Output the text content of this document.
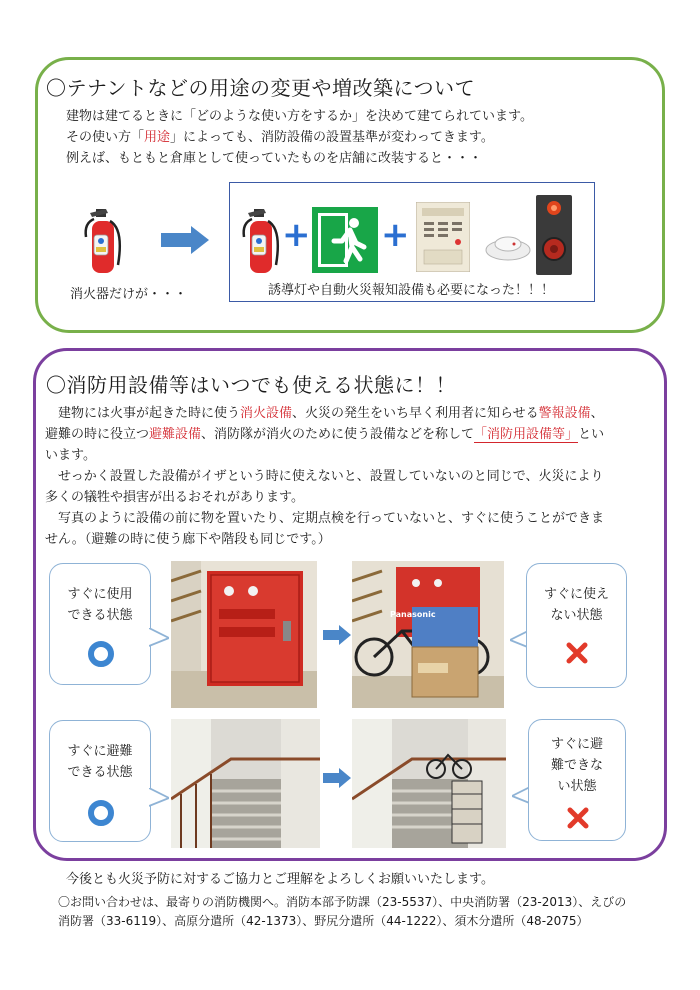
〇テナントなどの用途の変更や増改築について
建物は建てるときに「どのような使い方をするか」を決めて建てられています。
その使い方「用途」によっても、消防設備の設置基準が変わってきます。
例えば、もともと倉庫として使っていたものを店舗に改装すると・・・
消火器だけが・・・
+ +
誘導灯や自動火災報知設備も必要になった！！！
〇消防用設備等はいつでも使える状態に！！
建物には火事が起きた時に使う消火設備、火災の発生をいち早く利用者に知らせる警報設備、
避難の時に役立つ避難設備、消防隊が消火のために使う設備などを称して「消防用設備等」とい
います。
せっかく設置した設備がイザという時に使えないと、設置していないのと同じで、火災により
多くの犠牲や損害が出るおそれがあります。
写真のように設備の前に物を置いたり、定期点検を行っていないと、すぐに使うことができま
せん。（避難の時に使う廊下や階段も同じです。）
すぐに使用
できる状態	Panasonic
すぐに使え
ない状態
すぐに避難
できる状態
すぐに避
難できな
い状態
今後とも火災予防に対するご協力とご理解をよろしくお願いいたします。
〇お問い合わせは、最寄りの消防機関へ。消防本部予防課（23-5537）、中央消防署（23-2013）、えびの
消防署（33-6119）、高原分遣所（42-1373）、野尻分遣所（44-1222）、須木分遣所（48-2075）
